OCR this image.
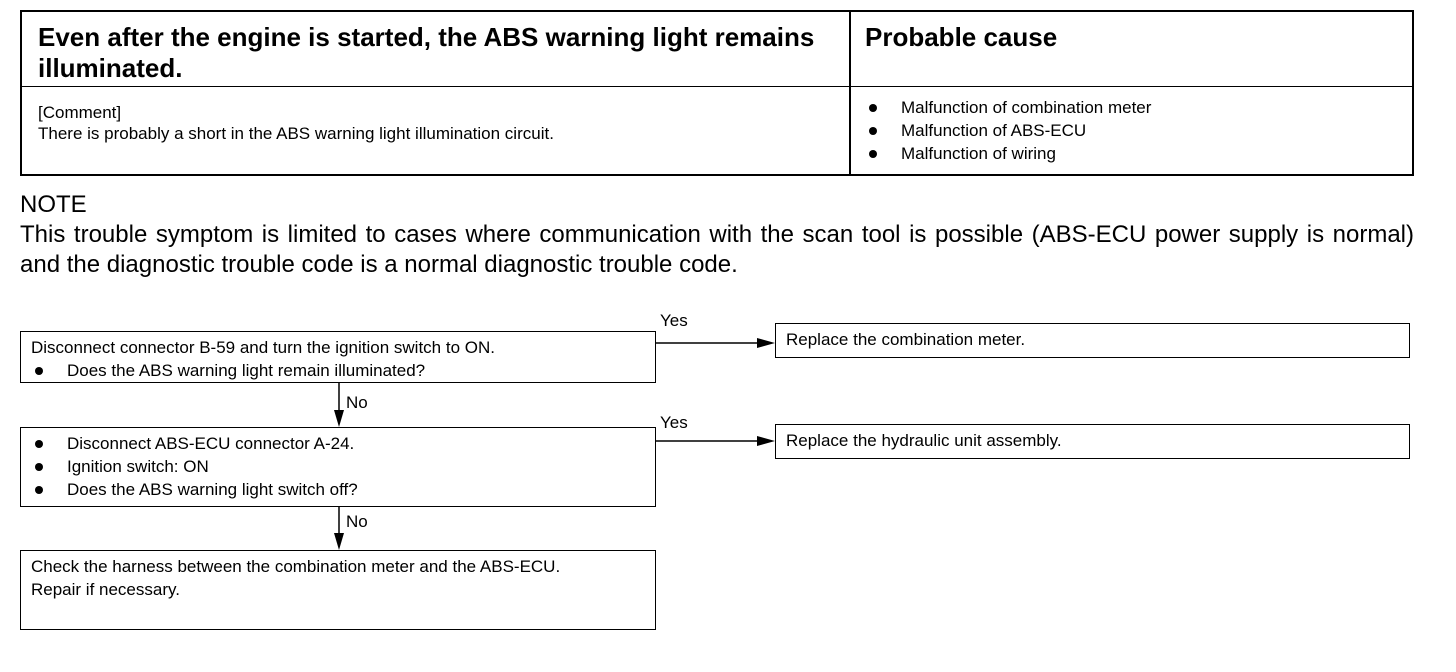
Even after the engine is started, the ABS warning light remains illuminated.
Probable cause
[Comment]
There is probably a short in the ABS warning light illumination circuit.
Malfunction of combination meter
Malfunction of ABS-ECU
Malfunction of wiring
NOTE
This trouble symptom is limited to cases where communication with the scan tool is possible (ABS-ECU power supply is normal) and the diagnostic trouble code is a normal diagnostic trouble code.
Disconnect connector B-59 and turn the ignition switch to ON.
Does the ABS warning light remain illuminated?
Yes
Replace the combination meter.
No
Disconnect ABS-ECU connector A-24.
Ignition switch: ON
Does the ABS warning light switch off?
Yes
Replace the hydraulic unit assembly.
No
Check the harness between the combination meter and the ABS-ECU.
Repair if necessary.
